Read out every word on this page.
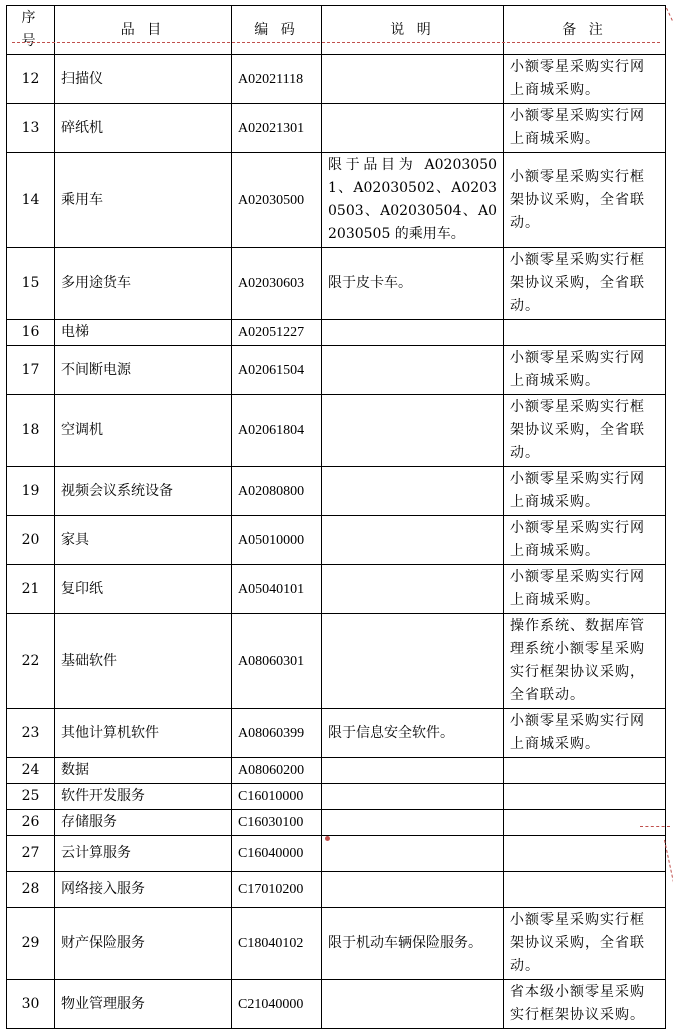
序号	品 目	编 码	说 明	备 注
12	扫描仪	A02021118		小额零星采购实行网上商城采购。
13	碎纸机	A02021301		小额零星采购实行网上商城采购。
14	乘用车	A02030500	限于品目为 A02030501、A02030502、A02030503、A02030504、A02030505 的乘用车。	小额零星采购实行框架协议采购，全省联动。
15	多用途货车	A02030603	限于皮卡车。	小额零星采购实行框架协议采购，全省联动。
16	电梯	A02051227		
17	不间断电源	A02061504		小额零星采购实行网上商城采购。
18	空调机	A02061804		小额零星采购实行框架协议采购，全省联动。
19	视频会议系统设备	A02080800		小额零星采购实行网上商城采购。
20	家具	A05010000		小额零星采购实行网上商城采购。
21	复印纸	A05040101		小额零星采购实行网上商城采购。
22	基础软件	A08060301		操作系统、数据库管理系统小额零星采购实行框架协议采购，全省联动。
23	其他计算机软件	A08060399	限于信息安全软件。	小额零星采购实行网上商城采购。
24	数据	A08060200		
25	软件开发服务	C16010000		
26	存储服务	C16030100		
27	云计算服务	C16040000		
28	网络接入服务	C17010200		
29	财产保险服务	C18040102	限于机动车辆保险服务。	小额零星采购实行框架协议采购，全省联动。
30	物业管理服务	C21040000		省本级小额零星采购实行框架协议采购。
